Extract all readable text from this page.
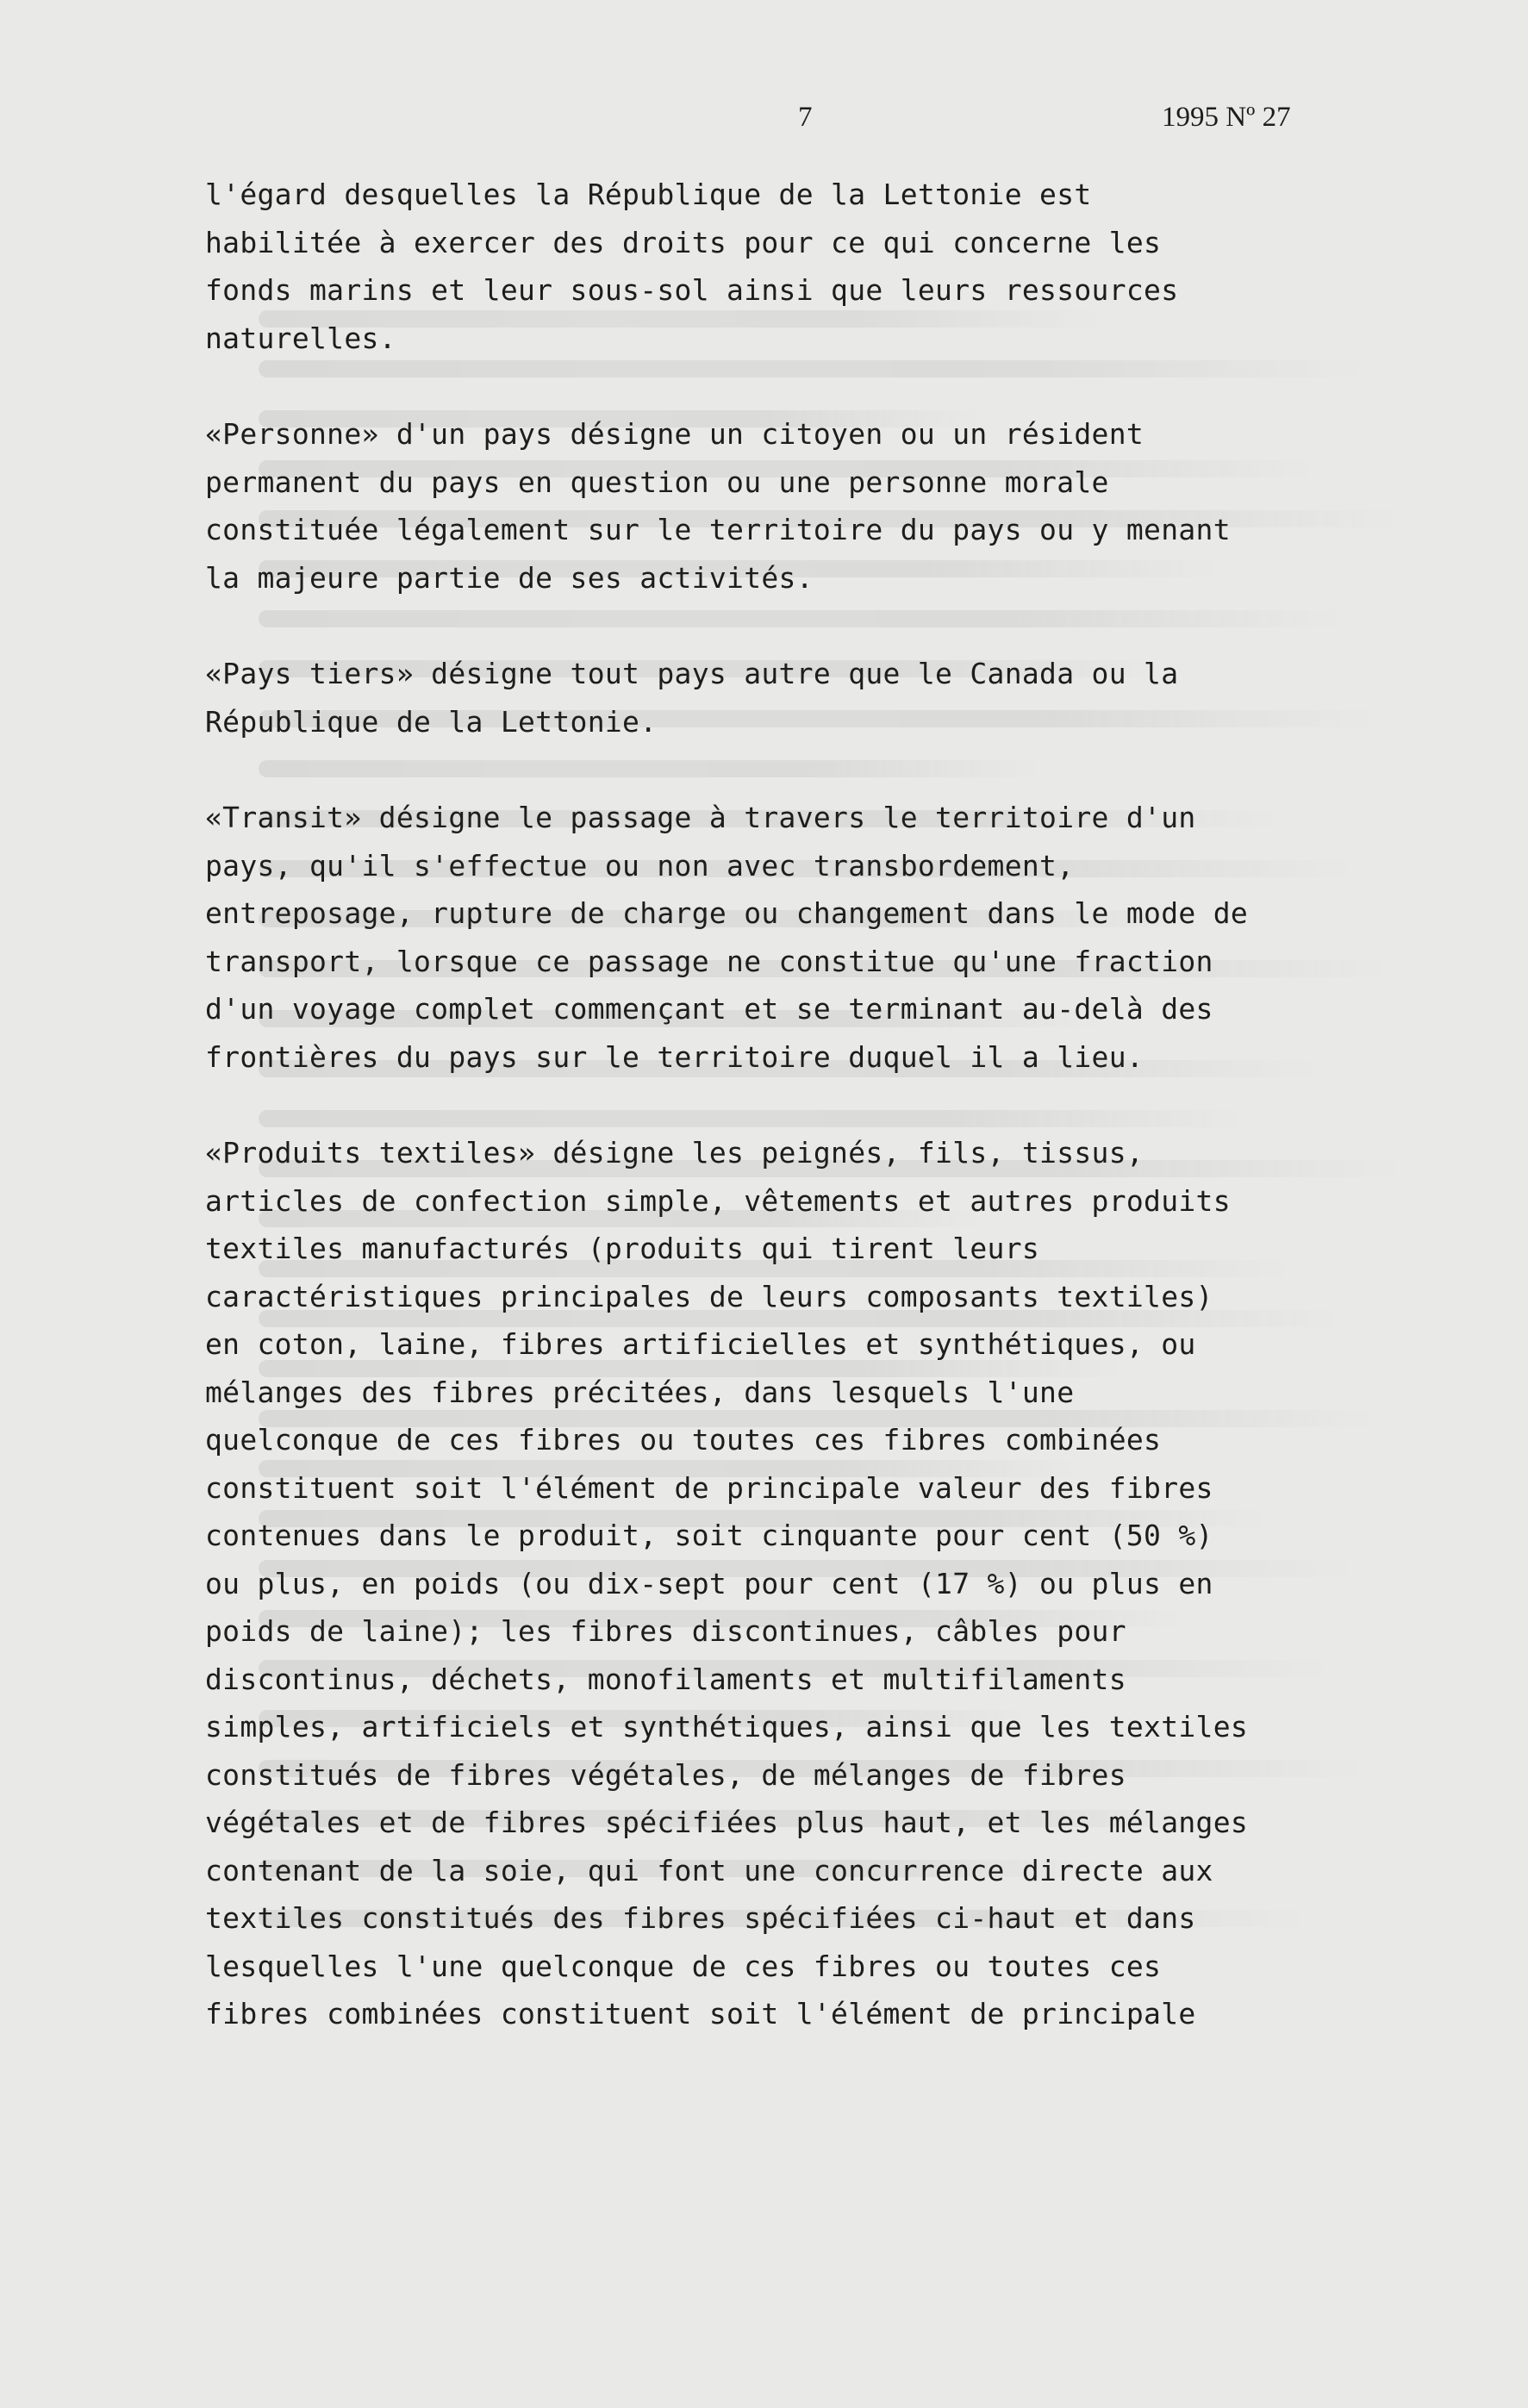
7	1995 Nº 27

l'égard desquelles la République de la Lettonie est
habilitée à exercer des droits pour ce qui concerne les
fonds marins et leur sous-sol ainsi que leurs ressources
naturelles.

«Personne» d'un pays désigne un citoyen ou un résident
permanent du pays en question ou une personne morale
constituée légalement sur le territoire du pays ou y menant
la majeure partie de ses activités.

«Pays tiers» désigne tout pays autre que le Canada ou la
République de la Lettonie.

«Transit» désigne le passage à travers le territoire d'un
pays, qu'il s'effectue ou non avec transbordement,
entreposage, rupture de charge ou changement dans le mode de
transport, lorsque ce passage ne constitue qu'une fraction
d'un voyage complet commençant et se terminant au-delà des
frontières du pays sur le territoire duquel il a lieu.

«Produits textiles» désigne les peignés, fils, tissus,
articles de confection simple, vêtements et autres produits
textiles manufacturés (produits qui tirent leurs
caractéristiques principales de leurs composants textiles)
en coton, laine, fibres artificielles et synthétiques, ou
mélanges des fibres précitées, dans lesquels l'une
quelconque de ces fibres ou toutes ces fibres combinées
constituent soit l'élément de principale valeur des fibres
contenues dans le produit, soit cinquante pour cent (50 %)
ou plus, en poids (ou dix-sept pour cent (17 %) ou plus en
poids de laine); les fibres discontinues, câbles pour
discontinus, déchets, monofilaments et multifilaments
simples, artificiels et synthétiques, ainsi que les textiles
constitués de fibres végétales, de mélanges de fibres
végétales et de fibres spécifiées plus haut, et les mélanges
contenant de la soie, qui font une concurrence directe aux
textiles constitués des fibres spécifiées ci-haut et dans
lesquelles l'une quelconque de ces fibres ou toutes ces
fibres combinées constituent soit l'élément de principale
